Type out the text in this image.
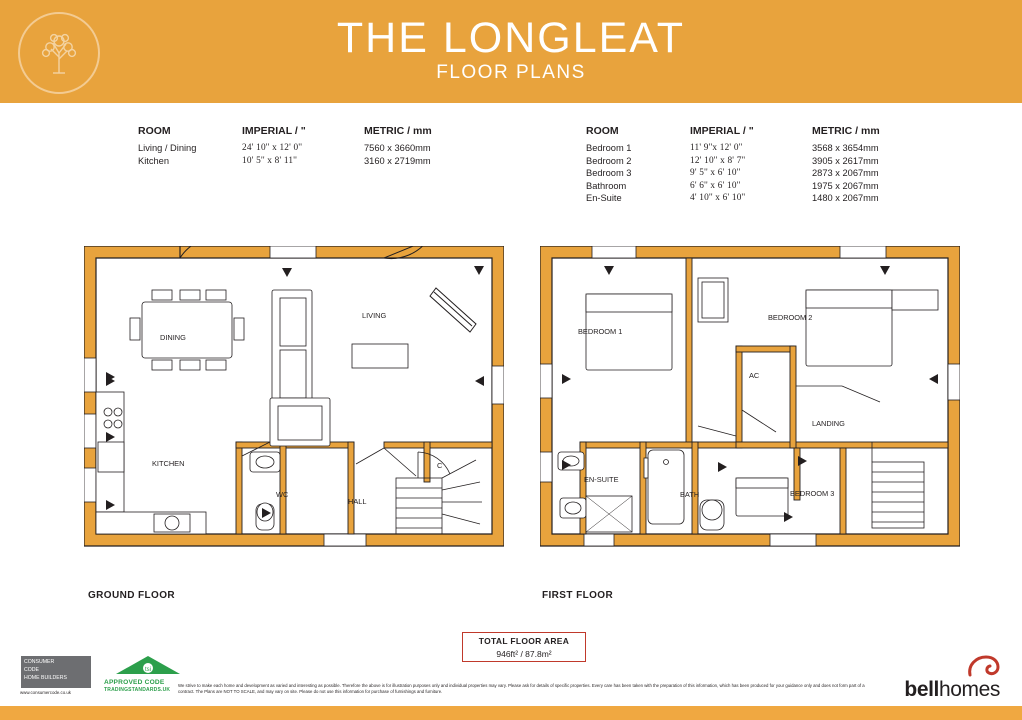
THE LONGLEAT
FLOOR PLANS
ROOM	IMPERIAL / "	METRIC / mm
Living / Dining	24' 10'' x 12' 0''	7560 x 3660mm
Kitchen	10' 5'' x 8' 11''	3160 x 2719mm
ROOM	IMPERIAL / "	METRIC / mm
Bedroom 1	11' 9''x 12' 0''	3568 x 3654mm
Bedroom 2	12' 10'' x 8' 7''	3905 x 2617mm
Bedroom 3	9' 5'' x 6' 10''	2873 x 2067mm
Bathroom	6' 6'' x 6' 10''	1975 x 2067mm
En-Suite	4' 10'' x 6' 10''	1480 x 2067mm
DINING
LIVING
KITCHEN
WC
HALL
C
GROUND FLOOR
BEDROOM 1
BEDROOM 2
AC
LANDING
EN-SUITE
BATH	BEDROOM 3
FIRST FLOOR
TOTAL FLOOR AREA
946ft² / 87.8m²
CONSUMER
CODE
HOME BUILDERS
www.consumercode.co.uk
tsi
APPROVED CODE
TRADINGSTANDARDS.UK
We strive to make each home and development as varied and interesting as possible. Therefore the above is for illustration purposes only and individual properties may vary. Please ask for details of specific properties. Every care has been taken with the preparation of this information, which has been produced for your guidance only and does not form part of a contract. The Plans are NOT TO SCALE, and may vary on site. Please do not use this information for purchase of furnishings and furniture.	bellhomes
